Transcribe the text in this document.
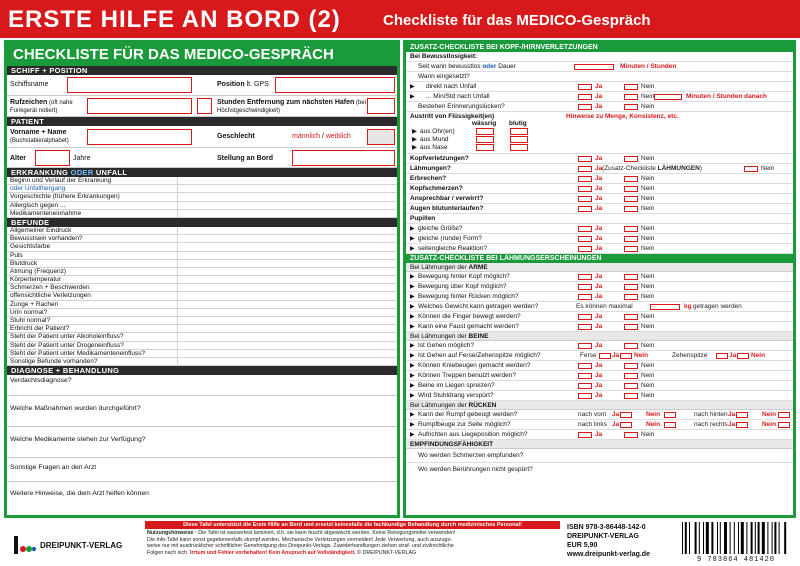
ERSTE HILFE AN BORD (2)	Checkliste für das MEDICO-Gespräch
CHECKLISTE FÜR DAS MEDICO-GESPRÄCH
SCHIFF + POSITION
Schiffsname	Position lt. GPS
Rufzeichen (oft nahe Funkgerät notiert)
Stunden Entfernung zum nächsten Hafen (bei Höchstgeschwindigkeit)
PATIENT
Vorname + Name
(Buchstabieralphabet)
Geschlecht	männlich / weiblich
Alter	Jahre	Stellung an Bord
ERKRANKUNG ODER UNFALL
Beginn und Verlauf der Erkrankung
oder Unfallhergang
Vorgeschichte (frühere Erkrankungen)
Allergisch gegen ...
Medikamenteneinnahme
BEFUNDE
Allgemeiner Eindruck
Bewusstsein vorhanden?
Gesichtsfarbe
Puls
Blutdruck
Atmung (Frequenz)
Körpertemperatur
Schmerzen + Beschwerden
offensichtliche Verletzungen
Zunge + Rachen
Urin normal?
Stuhl normal?
Erbricht der Patient?
Steht der Patient unter Alkoholeinfluss?
Steht der Patient unter Drogeneinfluss?
Steht der Patient unter Medikamenteneinfluss?
Sonstige Befunde vorhanden?
DIAGNOSE + BEHANDLUNG
Verdachtsdiagnose?
Welche Maßnahmen wurden durchgeführt?
Welche Medikamente stehen zur Verfügung?
Sonstige Fragen an den Arzt
Weitere Hinweise, die dem Arzt helfen können
ZUSATZ-CHECKLISTE BEI KOPF-/HIRNVERLETZUNGEN
Bei Bewusstlosigkeit:
Seit wann bewusstlos oder Dauer	Minuten / Stunden
Wann eingesetzt?
▶ direkt nach Unfall	Ja	Nein
▶ ... Min/Std nach Unfall	Ja	Nein	Minuten / Stunden danach
Bestehen Erinnerungslücken?	Ja	Nein
Austritt von Flüssigkeit(en)	Hinweise zu Menge, Konsistenz, etc.
wässrig blutig
▶ aus Ohr(en)
▶ aus Mund
▶ aus Nase
Kopfverletzungen?	Ja	Nein
Lähmungen?	Ja (Zusatz-Checkliste LÄHMUNGEN)	Nein
Erbrechen?	Ja	Nein
Kopfschmerzen?	Ja	Nein
Ansprechbar / verwirrt?	Ja	Nein
Augen blutunterlaufen?	Ja	Nein
Pupillen
▶ gleiche Größe?	Ja	Nein
▶ gleiche (runde) Form?	Ja	Nein
▶ seitengleiche Reaktion?	Ja	Nein
ZUSATZ-CHECKLISTE BEI LÄHMUNGSERSCHEINUNGEN
Bei Lähmungen der ARME
▶ Bewegung hinter Kopf möglich?	Ja	Nein
▶ Bewegung über Kopf möglich?	Ja	Nein
▶ Bewegung hinter Rücken möglich?	Ja	Nein
▶ Welches Gewicht kann getragen werden?	Es können maximal	kg getragen werden
▶ Können die Finger bewegt werden?	Ja	Nein
▶ Kann eine Faust gemacht werden?	Ja	Nein
Bei Lähmungen der BEINE
▶ Ist Gehen möglich?	Ja	Nein
▶ Ist Gehen auf Ferse/Zehenspitze möglich?	Ferse Ja Nein	Zehenspitze	Ja Nein
▶ Können Kniebeugen gemacht werden?	Ja	Nein
▶ Können Treppen benutzt werden?	Ja	Nein
▶ Beine im Liegen spreizen?	Ja	Nein
▶ Wird Stuhldrang verspürt?	Ja	Nein
Bei Lähmungen der RÜCKEN
▶ Kann der Rumpf gebeugt werden?	nach vorn Ja	Nein	nach hinten Ja	Nein
▶ Rumpfbeuge zur Seite möglich?	nach links Ja	Nein	nach rechts Ja	Nein
▶ Aufrichten aus Liegeposition möglich?	Ja	Nein
EMPFINDUNGSFÄHIGKEIT
Wo werden Schmerzen empfunden?
Wo werden Berührungen nicht gespürt?
DREIPUNKT-VERLAG
Diese Tafel unterstützt die Erste Hilfe an Bord und ersetzt keinesfalls die fachkundige Behandlung durch medizinisches Personal!
Nutzungshinweise - Die Tafel ist wasserfest laminiert, d.h. sie kann feucht abgewischt werden. Keine Reinigungsmittel verwenden!
Die Info-Tafel kann sonst gegebenenfalls stumpf werden. Mechanische Verletzungen vermeiden! Jede Verwertung, auch auszugs-
weise nur mit ausdrücklicher schriftlicher Genehmigung des Dreipunkt-Verlags. Zuwiderhandlungen ziehen straf- und zivilrechtliche
Folgen nach sich. Irrtum und Fehler vorbehalten! Kein Anspruch auf Vollständigkeit. © DREIPUNKT-VERLAG
ISBN 978-3-86448-142-0
DREIPUNKT-VERLAG
EUR 5,90
www.dreipunkt-verlag.de
9 783864 481420
